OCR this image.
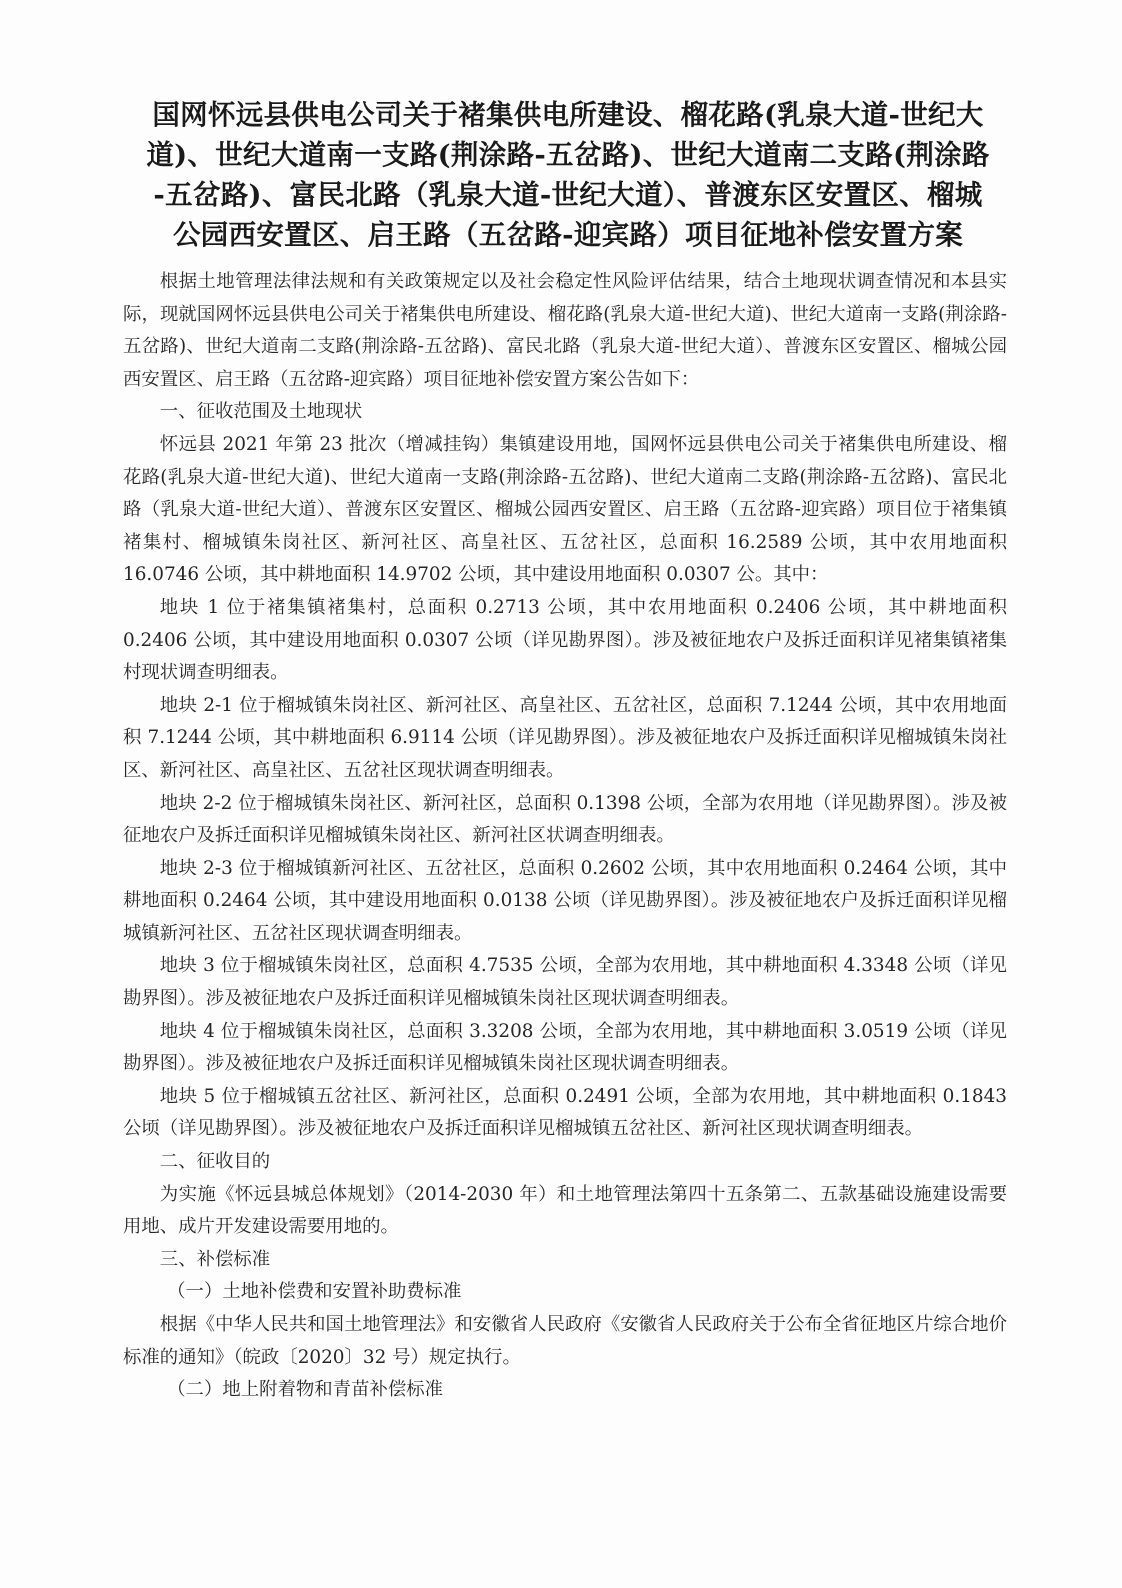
国网怀远县供电公司关于褚集供电所建设、榴花路(乳泉大道-世纪大
道)、世纪大道南一支路(荆涂路-五岔路)、世纪大道南二支路(荆涂路
-五岔路)、富民北路（乳泉大道-世纪大道）、普渡东区安置区、榴城
公园西安置区、启王路（五岔路-迎宾路）项目征地补偿安置方案

根据土地管理法律法规和有关政策规定以及社会稳定性风险评估结果，结合土地现状调查情况和本县实际，现就国网怀远县供电公司关于褚集供电所建设、榴花路(乳泉大道-世纪大道)、世纪大道南一支路(荆涂路-五岔路)、世纪大道南二支路(荆涂路-五岔路)、富民北路（乳泉大道-世纪大道）、普渡东区安置区、榴城公园西安置区、启王路（五岔路-迎宾路）项目征地补偿安置方案公告如下：

一、征收范围及土地现状

怀远县 2021 年第 23 批次（增减挂钩）集镇建设用地，国网怀远县供电公司关于褚集供电所建设、榴花路(乳泉大道-世纪大道)、世纪大道南一支路(荆涂路-五岔路)、世纪大道南二支路(荆涂路-五岔路)、富民北路（乳泉大道-世纪大道）、普渡东区安置区、榴城公园西安置区、启王路（五岔路-迎宾路）项目位于褚集镇褚集村、榴城镇朱岗社区、新河社区、高皇社区、五岔社区，总面积 16.2589 公顷，其中农用地面积 16.0746 公顷，其中耕地面积 14.9702 公顷，其中建设用地面积 0.0307 公。其中：

地块 1 位于褚集镇褚集村，总面积 0.2713 公顷，其中农用地面积 0.2406 公顷，其中耕地面积 0.2406 公顷，其中建设用地面积 0.0307 公顷（详见勘界图）。涉及被征地农户及拆迁面积详见褚集镇褚集村现状调查明细表。

地块 2-1 位于榴城镇朱岗社区、新河社区、高皇社区、五岔社区，总面积 7.1244 公顷，其中农用地面积 7.1244 公顷，其中耕地面积 6.9114 公顷（详见勘界图）。涉及被征地农户及拆迁面积详见榴城镇朱岗社区、新河社区、高皇社区、五岔社区现状调查明细表。

地块 2-2 位于榴城镇朱岗社区、新河社区，总面积 0.1398 公顷，全部为农用地（详见勘界图）。涉及被征地农户及拆迁面积详见榴城镇朱岗社区、新河社区状调查明细表。

地块 2-3 位于榴城镇新河社区、五岔社区，总面积 0.2602 公顷，其中农用地面积 0.2464 公顷，其中耕地面积 0.2464 公顷，其中建设用地面积 0.0138 公顷（详见勘界图）。涉及被征地农户及拆迁面积详见榴城镇新河社区、五岔社区现状调查明细表。

地块 3 位于榴城镇朱岗社区，总面积 4.7535 公顷，全部为农用地，其中耕地面积 4.3348 公顷（详见勘界图）。涉及被征地农户及拆迁面积详见榴城镇朱岗社区现状调查明细表。

地块 4 位于榴城镇朱岗社区，总面积 3.3208 公顷，全部为农用地，其中耕地面积 3.0519 公顷（详见勘界图）。涉及被征地农户及拆迁面积详见榴城镇朱岗社区现状调查明细表。

地块 5 位于榴城镇五岔社区、新河社区，总面积 0.2491 公顷，全部为农用地，其中耕地面积 0.1843 公顷（详见勘界图）。涉及被征地农户及拆迁面积详见榴城镇五岔社区、新河社区现状调查明细表。

二、征收目的

为实施《怀远县城总体规划》（2014-2030 年）和土地管理法第四十五条第二、五款基础设施建设需要用地、成片开发建设需要用地的。

三、补偿标准

（一）土地补偿费和安置补助费标准

根据《中华人民共和国土地管理法》和安徽省人民政府《安徽省人民政府关于公布全省征地区片综合地价标准的通知》（皖政〔2020〕32 号）规定执行。

（二）地上附着物和青苗补偿标准
